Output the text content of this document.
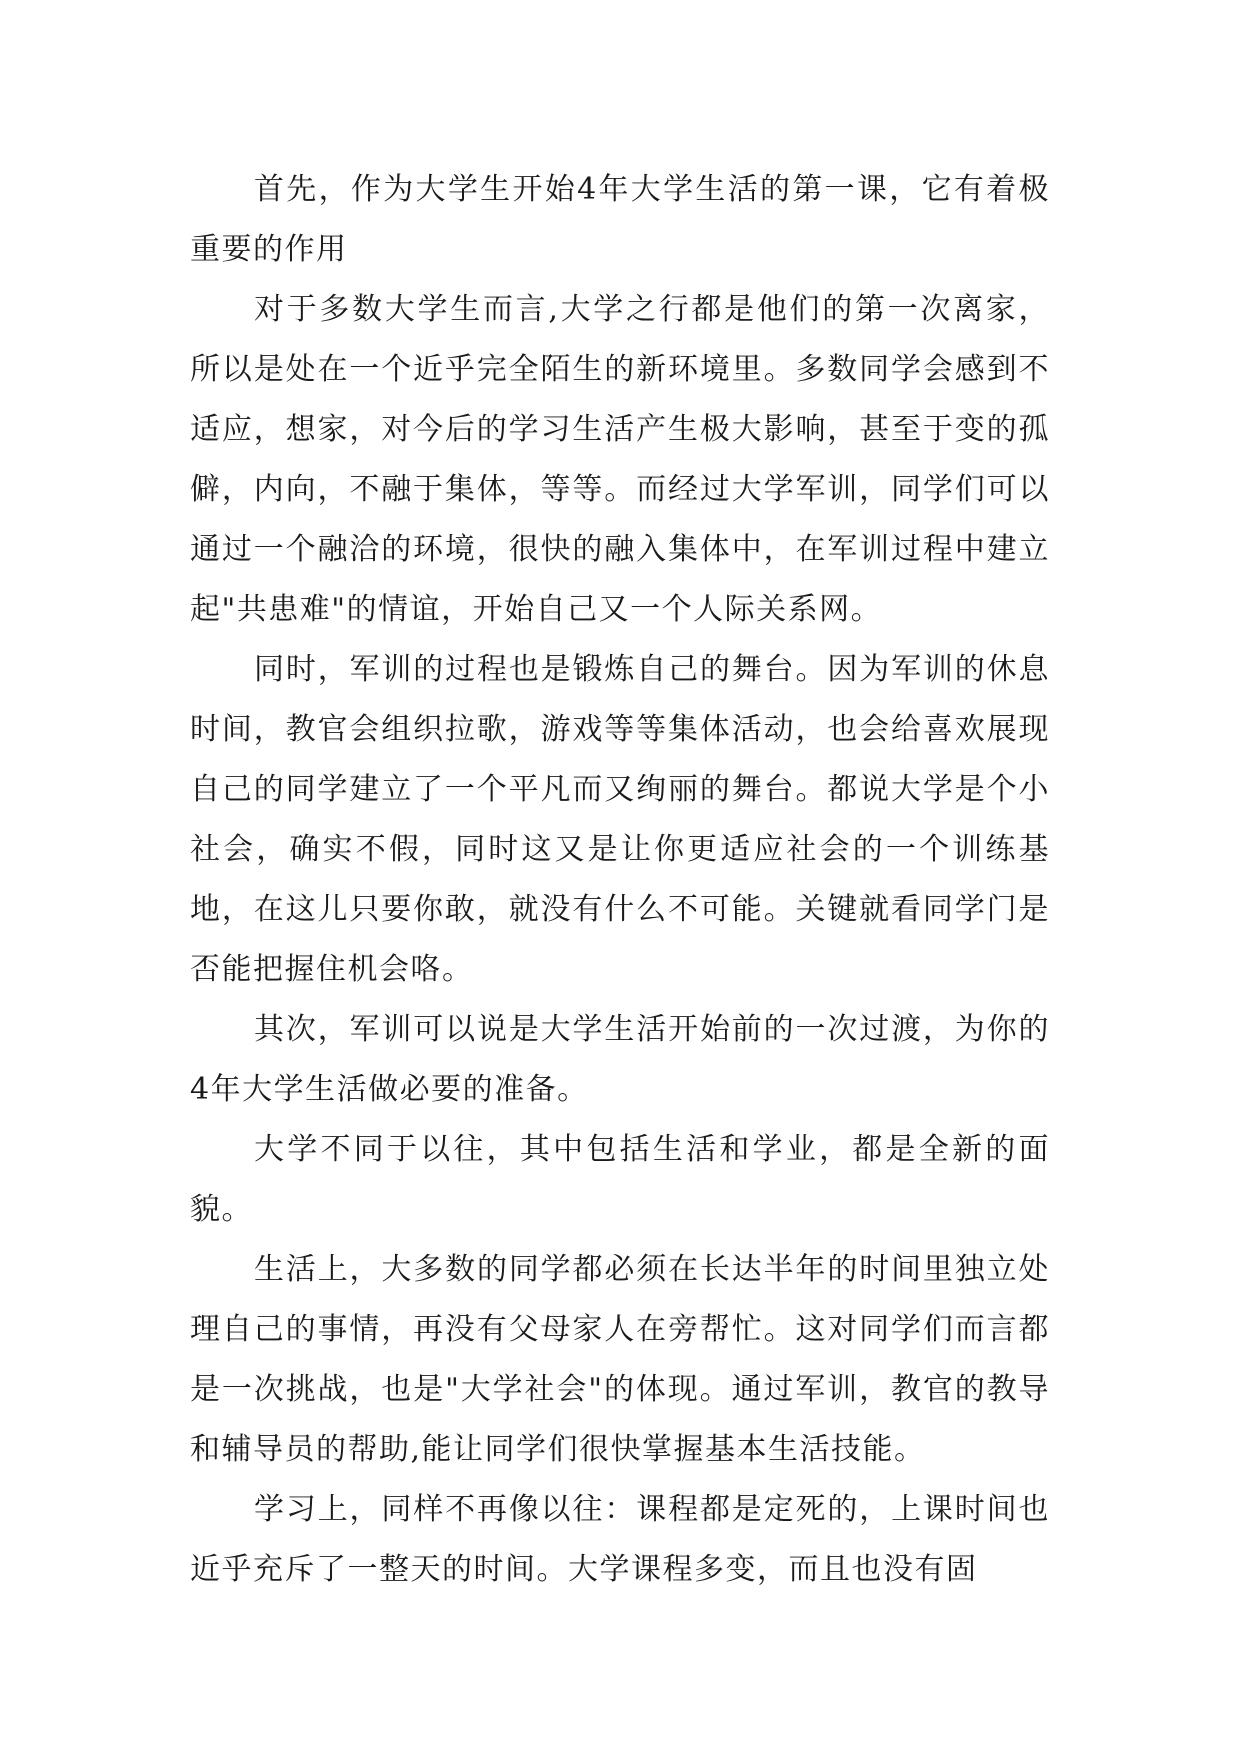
首先，作为大学生开始4年大学生活的第一课，它有着极重要的作用

对于多数大学生而言,大学之行都是他们的第一次离家，所以是处在一个近乎完全陌生的新环境里。多数同学会感到不适应，想家，对今后的学习生活产生极大影响，甚至于变的孤僻，内向，不融于集体，等等。而经过大学军训，同学们可以通过一个融洽的环境，很快的融入集体中，在军训过程中建立起"共患难"的情谊，开始自己又一个人际关系网。

同时，军训的过程也是锻炼自己的舞台。因为军训的休息时间，教官会组织拉歌，游戏等等集体活动，也会给喜欢展现自己的同学建立了一个平凡而又绚丽的舞台。都说大学是个小社会，确实不假，同时这又是让你更适应社会的一个训练基地，在这儿只要你敢，就没有什么不可能。关键就看同学门是否能把握住机会咯。

其次，军训可以说是大学生活开始前的一次过渡，为你的4年大学生活做必要的准备。

大学不同于以往，其中包括生活和学业，都是全新的面貌。

生活上，大多数的同学都必须在长达半年的时间里独立处理自己的事情，再没有父母家人在旁帮忙。这对同学们而言都是一次挑战，也是"大学社会"的体现。通过军训，教官的教导和辅导员的帮助,能让同学们很快掌握基本生活技能。

学习上，同样不再像以往：课程都是定死的，上课时间也近乎充斥了一整天的时间。大学课程多变，而且也没有固
